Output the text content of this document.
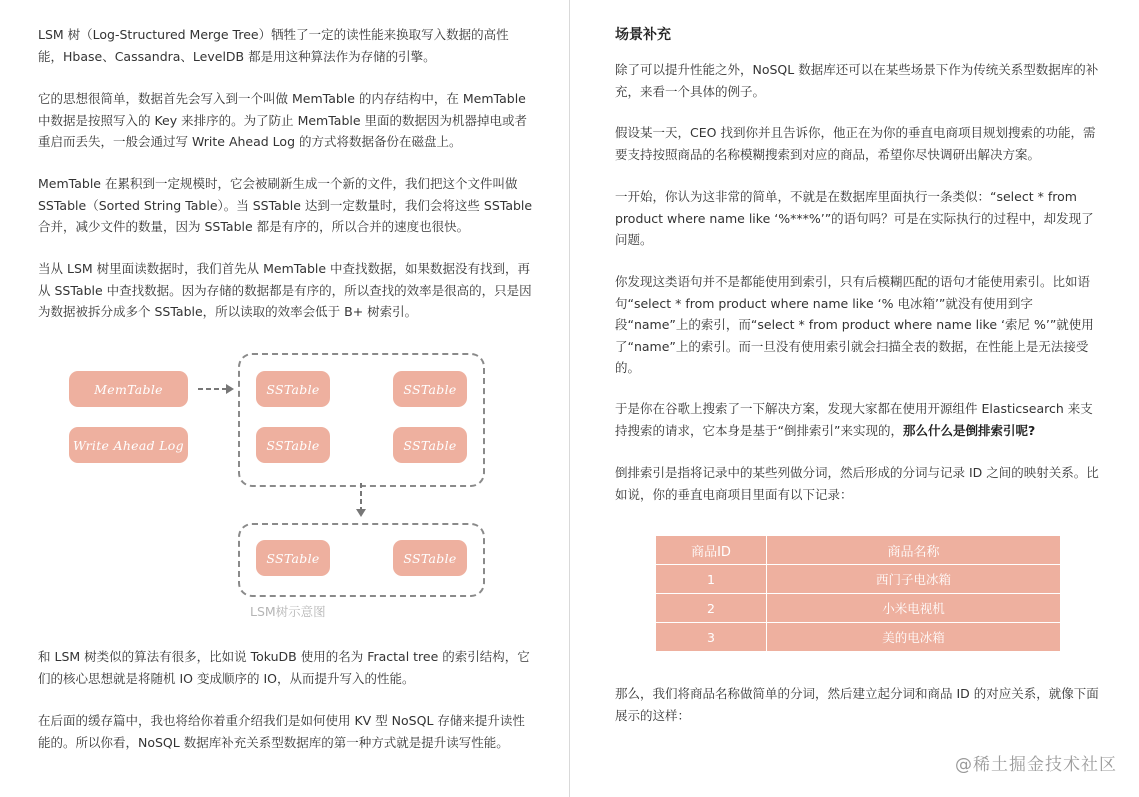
LSM 树（Log-Structured Merge Tree）牺牲了一定的读性能来换取写入数据的高性能，Hbase、Cassandra、LevelDB 都是用这种算法作为存储的引擎。

它的思想很简单，数据首先会写入到一个叫做 MemTable 的内存结构中，在 MemTable 中数据是按照写入的 Key 来排序的。为了防止 MemTable 里面的数据因为机器掉电或者重启而丢失，一般会通过写 Write Ahead Log 的方式将数据备份在磁盘上。

MemTable 在累积到一定规模时，它会被刷新生成一个新的文件，我们把这个文件叫做 SSTable（Sorted String Table）。当 SSTable 达到一定数量时，我们会将这些 SSTable 合并，减少文件的数量，因为 SSTable 都是有序的，所以合并的速度也很快。

当从 LSM 树里面读数据时，我们首先从 MemTable 中查找数据，如果数据没有找到，再从 SSTable 中查找数据。因为存储的数据都是有序的，所以查找的效率是很高的，只是因为数据被拆分成多个 SSTable，所以读取的效率会低于 B+ 树索引。

MemTable
Write Ahead Log
SSTable	SSTable
SSTable	SSTable
SSTable	SSTable
LSM树示意图

和 LSM 树类似的算法有很多，比如说 TokuDB 使用的名为 Fractal tree 的索引结构，它们的核心思想就是将随机 IO 变成顺序的 IO，从而提升写入的性能。

在后面的缓存篇中，我也将给你着重介绍我们是如何使用 KV 型 NoSQL 存储来提升读性能的。所以你看，NoSQL 数据库补充关系型数据库的第一种方式就是提升读写性能。

场景补充

除了可以提升性能之外，NoSQL 数据库还可以在某些场景下作为传统关系型数据库的补充，来看一个具体的例子。

假设某一天，CEO 找到你并且告诉你，他正在为你的垂直电商项目规划搜索的功能，需要支持按照商品的名称模糊搜索到对应的商品，希望你尽快调研出解决方案。

一开始，你认为这非常的简单，不就是在数据库里面执行一条类似：“select * from product where name like ‘%***%’”的语句吗？可是在实际执行的过程中，却发现了问题。

你发现这类语句并不是都能使用到索引，只有后模糊匹配的语句才能使用索引。比如语句“select * from product where name like ‘% 电冰箱’”就没有使用到字段“name”上的索引，而“select * from product where name like ‘索尼 %’”就使用了“name”上的索引。而一旦没有使用索引就会扫描全表的数据，在性能上是无法接受的。

于是你在谷歌上搜索了一下解决方案，发现大家都在使用开源组件 Elasticsearch 来支持搜索的请求，它本身是基于“倒排索引”来实现的，那么什么是倒排索引呢?

倒排索引是指将记录中的某些列做分词，然后形成的分词与记录 ID 之间的映射关系。比如说，你的垂直电商项目里面有以下记录：

商品ID	商品名称
1	西门子电冰箱
2	小米电视机
3	美的电冰箱

那么，我们将商品名称做简单的分词，然后建立起分词和商品 ID 的对应关系，就像下面展示的这样：

@稀土掘金技术社区
